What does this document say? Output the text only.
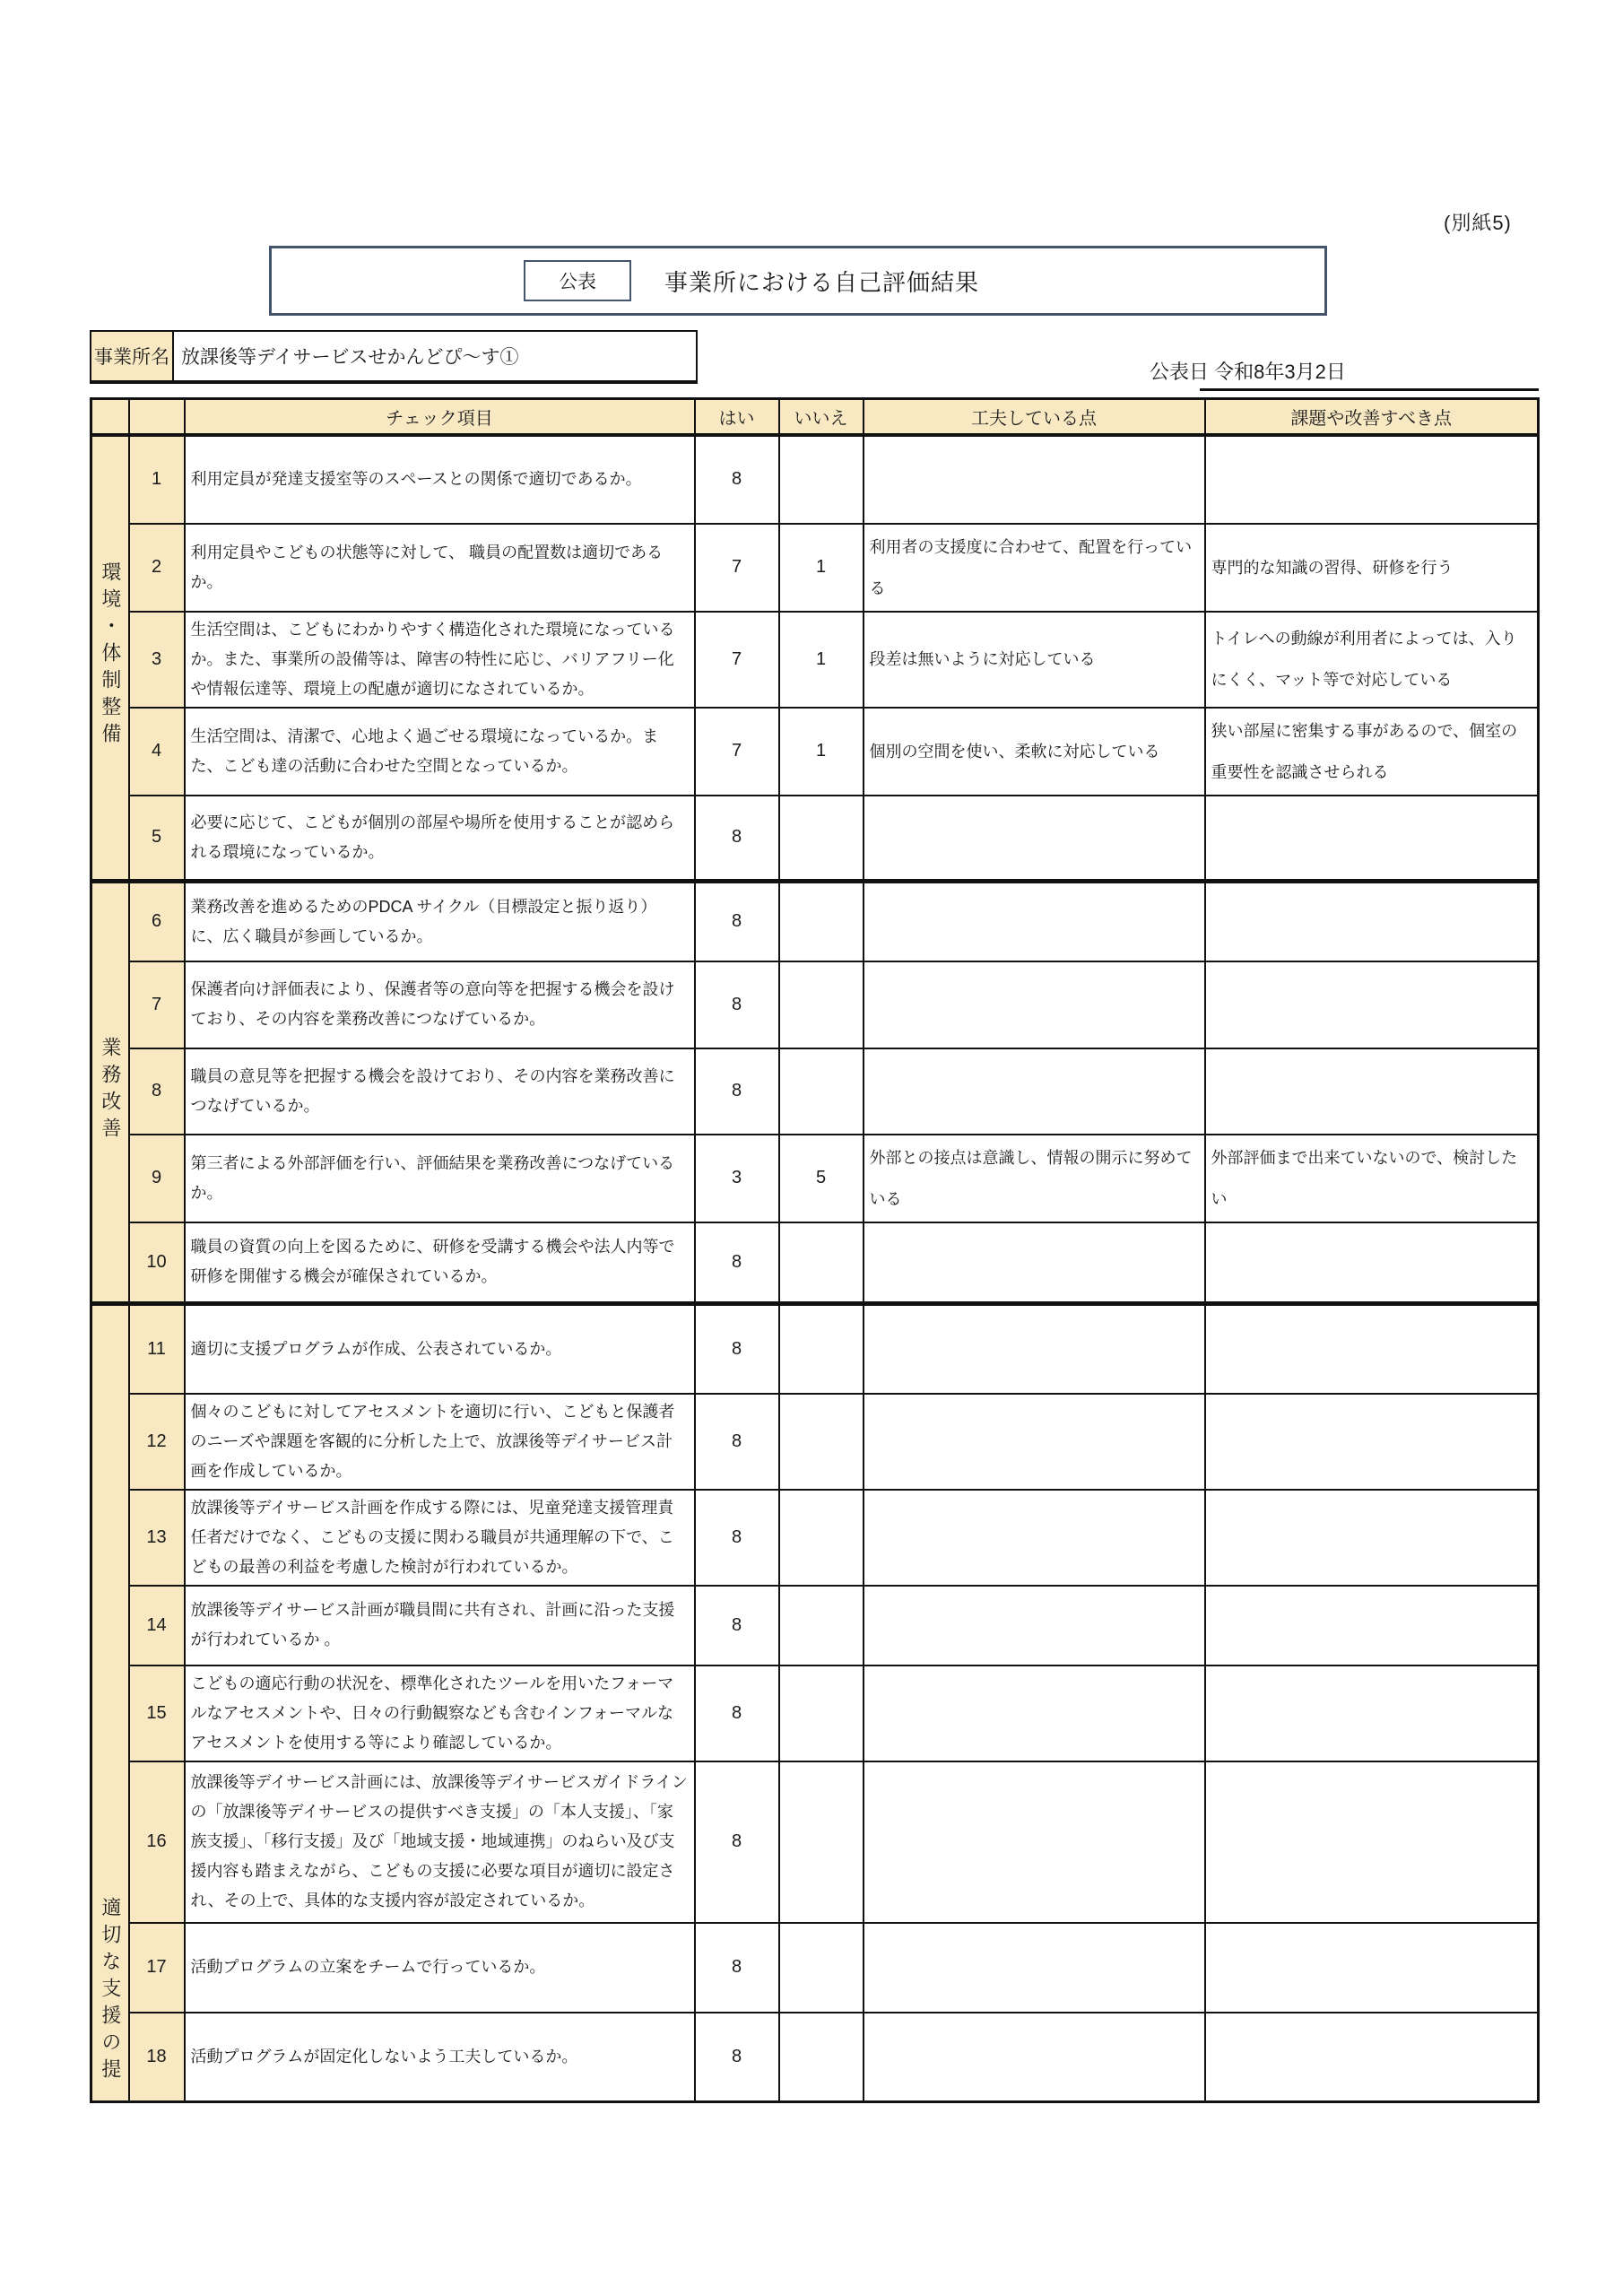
(別紙5)
公表	事業所における自己評価結果
事業所名 放課後等デイサービスせかんどぴ〜す①
公表日 令和8年3月2日
		チェック項目	はい	いいえ	工夫している点	課題や改善すべき点
環境・体制整備	1	利用定員が発達支援室等のスペースとの関係で適切であるか。	8			
	2	利用定員やこどもの状態等に対して、 職員の配置数は適切であるか。	7	1	利用者の支援度に合わせて、配置を行っている	専門的な知識の習得、研修を行う
	3	生活空間は、こどもにわかりやすく構造化された環境になっているか。また、事業所の設備等は、障害の特性に応じ、バリアフリー化や情報伝達等、環境上の配慮が適切になされているか。	7	1	段差は無いように対応している	トイレへの動線が利用者によっては、入りにくく、マット等で対応している
	4	生活空間は、清潔で、心地よく過ごせる環境になっているか。また、こども達の活動に合わせた空間となっているか。	7	1	個別の空間を使い、柔軟に対応している	狭い部屋に密集する事があるので、個室の重要性を認識させられる
	5	必要に応じて、こどもが個別の部屋や場所を使用することが認められる環境になっているか。	8			
業務改善	6	業務改善を進めるためのPDCA サイクル（目標設定と振り返り）に、広く職員が参画しているか。	8			
	7	保護者向け評価表により、保護者等の意向等を把握する機会を設けており、その内容を業務改善につなげているか。	8			
	8	職員の意見等を把握する機会を設けており、その内容を業務改善につなげているか。	8			
	9	第三者による外部評価を行い、評価結果を業務改善につなげているか。	3	5	外部との接点は意識し、情報の開示に努めている	外部評価まで出来ていないので、検討したい
	10	職員の資質の向上を図るために、研修を受講する機会や法人内等で研修を開催する機会が確保されているか。	8			
適切な支援の提	11	適切に支援プログラムが作成、公表されているか。	8			
	12	個々のこどもに対してアセスメントを適切に行い、こどもと保護者のニーズや課題を客観的に分析した上で、放課後等デイサービス計画を作成しているか。	8			
	13	放課後等デイサービス計画を作成する際には、児童発達支援管理責任者だけでなく、こどもの支援に関わる職員が共通理解の下で、こどもの最善の利益を考慮した検討が行われているか。	8			
	14	放課後等デイサービス計画が職員間に共有され、計画に沿った支援が行われているか 。	8			
	15	こどもの適応行動の状況を、標準化されたツールを用いたフォーマルなアセスメントや、日々の行動観察なども含むインフォーマルなアセスメントを使用する等により確認しているか。	8			
	16	放課後等デイサービス計画には、放課後等デイサービスガイドラインの「放課後等デイサービスの提供すべき支援」の「本人支援」、「家族支援」、「移行支援」及び「地域支援・地域連携」のねらい及び支援内容も踏まえながら、こどもの支援に必要な項目が適切に設定され、その上で、具体的な支援内容が設定されているか。	8			
	17	活動プログラムの立案をチームで行っているか。	8			
	18	活動プログラムが固定化しないよう工夫しているか。	8			
